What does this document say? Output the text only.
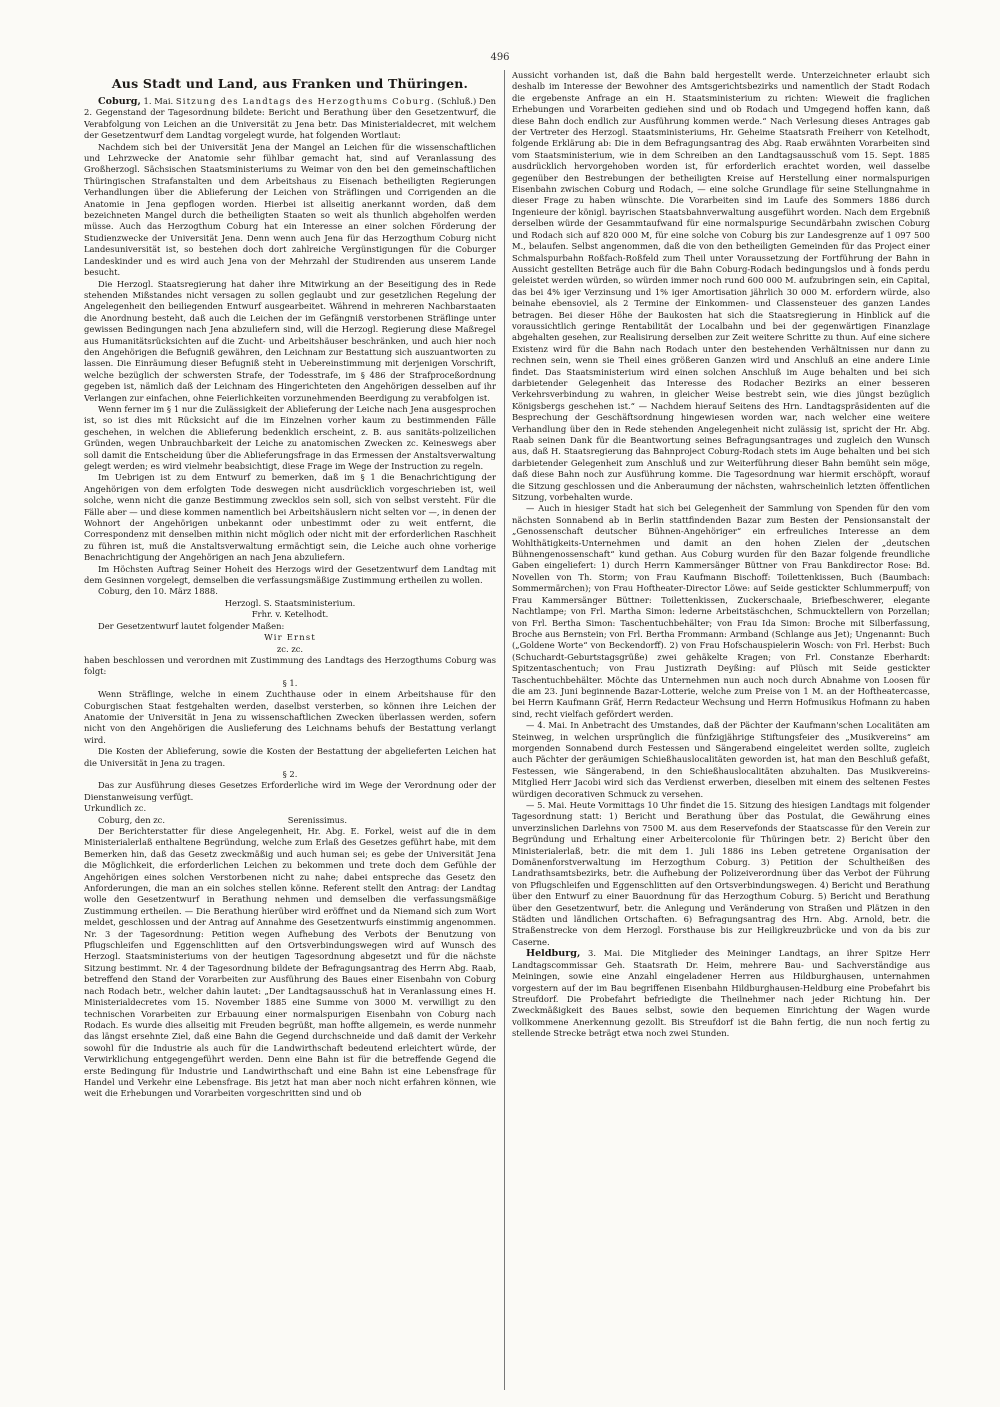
496
Aus Stadt und Land, aus Franken und Thüringen.

Coburg, 1. Mai. Sitzung des Landtags des Herzogthums Coburg. (Schluß.) Den 2. Gegenstand der Tagesordnung bildete: Bericht und Berathung über den Gesetzentwurf, die Verabfolgung von Leichen an die Universität zu Jena betr. Das Ministerialdecret, mit welchem der Gesetzentwurf dem Landtag vorgelegt wurde, hat folgenden Wortlaut:

Nachdem sich bei der Universität Jena der Mangel an Leichen für die wissenschaftlichen und Lehrzwecke der Anatomie sehr fühlbar gemacht hat, sind auf Veranlassung des Großherzogl. Sächsischen Staatsministeriums zu Weimar von den bei den gemeinschaftlichen Thüringischen Strafanstalten und dem Arbeitshaus zu Eisenach betheiligten Regierungen Verhandlungen über die Ablieferung der Leichen von Sträflingen und Corrigenden an die Anatomie in Jena gepflogen worden. Hierbei ist allseitig anerkannt worden, daß dem bezeichneten Mangel durch die betheiligten Staaten so weit als thunlich abgeholfen werden müsse. Auch das Herzogthum Coburg hat ein Interesse an einer solchen Förderung der Studienzwecke der Universität Jena. Denn wenn auch Jena für das Herzogthum Coburg nicht Landesuniversität ist, so bestehen doch dort zahlreiche Vergünstigungen für die Coburger Landeskinder und es wird auch Jena von der Mehrzahl der Studirenden aus unserem Lande besucht.

Die Herzogl. Staatsregierung hat daher ihre Mitwirkung an der Beseitigung des in Rede stehenden Mißstandes nicht versagen zu sollen geglaubt und zur gesetzlichen Regelung der Angelegenheit den beiliegenden Entwurf ausgearbeitet. Während in mehreren Nachbarstaaten die Anordnung besteht, daß auch die Leichen der im Gefängniß verstorbenen Sträflinge unter gewissen Bedingungen nach Jena abzuliefern sind, will die Herzogl. Regierung diese Maßregel aus Humanitätsrücksichten auf die Zucht- und Arbeitshäuser beschränken, und auch hier noch den Angehörigen die Befugniß gewähren, den Leichnam zur Bestattung sich auszuantworten zu lassen. Die Einräumung dieser Befugniß steht in Uebereinstimmung mit derjenigen Vorschrift, welche bezüglich der schwersten Strafe, der Todesstrafe, im § 486 der Strafproceßordnung gegeben ist, nämlich daß der Leichnam des Hingerichteten den Angehörigen desselben auf ihr Verlangen zur einfachen, ohne Feierlichkeiten vorzunehmenden Beerdigung zu verabfolgen ist.

Wenn ferner im § 1 nur die Zulässigkeit der Ablieferung der Leiche nach Jena ausgesprochen ist, so ist dies mit Rücksicht auf die im Einzelnen vorher kaum zu bestimmenden Fälle geschehen, in welchen die Ablieferung bedenklich erscheint, z. B. aus sanitäts-polizeilichen Gründen, wegen Unbrauchbarkeit der Leiche zu anatomischen Zwecken zc. Keineswegs aber soll damit die Entscheidung über die Ablieferungsfrage in das Ermessen der Anstaltsverwaltung gelegt werden; es wird vielmehr beabsichtigt, diese Frage im Wege der Instruction zu regeln.

Im Uebrigen ist zu dem Entwurf zu bemerken, daß im § 1 die Benachrichtigung der Angehörigen von dem erfolgten Tode deswegen nicht ausdrücklich vorgeschrieben ist, weil solche, wenn nicht die ganze Bestimmung zwecklos sein soll, sich von selbst versteht. Für die Fälle aber — und diese kommen namentlich bei Arbeitshäuslern nicht selten vor —, in denen der Wohnort der Angehörigen unbekannt oder unbestimmt oder zu weit entfernt, die Correspondenz mit denselben mithin nicht möglich oder nicht mit der erforderlichen Raschheit zu führen ist, muß die Anstaltsverwaltung ermächtigt sein, die Leiche auch ohne vorherige Benachrichtigung der Angehörigen an nach Jena abzuliefern.

Im Höchsten Auftrag Seiner Hoheit des Herzogs wird der Gesetzentwurf dem Landtag mit dem Gesinnen vorgelegt, demselben die verfassungsmäßige Zustimmung ertheilen zu wollen.

Coburg, den 10. März 1888.

Herzogl. S. Staatsministerium.

Frhr. v. Ketelhodt.

Der Gesetzentwurf lautet folgender Maßen:

Wir Ernst

zc. zc.

haben beschlossen und verordnen mit Zustimmung des Landtags des Herzogthums Coburg was folgt:

§ 1.

Wenn Sträflinge, welche in einem Zuchthause oder in einem Arbeitshause für den Coburgischen Staat festgehalten werden, daselbst versterben, so können ihre Leichen der Anatomie der Universität in Jena zu wissenschaftlichen Zwecken überlassen werden, sofern nicht von den Angehörigen die Auslieferung des Leichnams behufs der Bestattung verlangt wird.

Die Kosten der Ablieferung, sowie die Kosten der Bestattung der abgelieferten Leichen hat die Universität in Jena zu tragen.

§ 2.

Das zur Ausführung dieses Gesetzes Erforderliche wird im Wege der Verordnung oder der Dienstanweisung verfügt.

Urkundlich zc.

Coburg, den zc.	Serenissimus.

Der Berichterstatter für diese Angelegenheit, Hr. Abg. E. Forkel, weist auf die in dem Ministerialerlaß enthaltene Begründung, welche zum Erlaß des Gesetzes geführt habe, mit dem Bemerken hin, daß das Gesetz zweckmäßig und auch human sei; es gebe der Universität Jena die Möglichkeit, die erforderlichen Leichen zu bekommen und trete doch dem Gefühle der Angehörigen eines solchen Verstorbenen nicht zu nahe; dabei entspreche das Gesetz den Anforderungen, die man an ein solches stellen könne. Referent stellt den Antrag: der Landtag wolle den Gesetzentwurf in Berathung nehmen und demselben die verfassungsmäßige Zustimmung ertheilen. — Die Berathung hierüber wird eröffnet und da Niemand sich zum Wort meldet, geschlossen und der Antrag auf Annahme des Gesetzentwurfs einstimmig angenommen. Nr. 3 der Tagesordnung: Petition wegen Aufhebung des Verbots der Benutzung von Pflugschleifen und Eggenschlitten auf den Ortsverbindungswegen wird auf Wunsch des Herzogl. Staatsministeriums von der heutigen Tagesordnung abgesetzt und für die nächste Sitzung bestimmt. Nr. 4 der Tagesordnung bildete der Befragungsantrag des Herrn Abg. Raab, betreffend den Stand der Vorarbeiten zur Ausführung des Baues einer Eisenbahn von Coburg nach Rodach betr., welcher dahin lautet: „Der Landtagsausschuß hat in Veranlassung eines H. Ministerialdecretes vom 15. November 1885 eine Summe von 3000 M. verwilligt zu den technischen Vorarbeiten zur Erbauung einer normalspurigen Eisenbahn von Coburg nach Rodach. Es wurde dies allseitig mit Freuden begrüßt, man hoffte allgemein, es werde nunmehr das längst ersehnte Ziel, daß eine Bahn die Gegend durchschneide und daß damit der Verkehr sowohl für die Industrie als auch für die Landwirthschaft bedeutend erleichtert würde, der Verwirklichung entgegengeführt werden. Denn eine Bahn ist für die betreffende Gegend die erste Bedingung für Industrie und Landwirthschaft und eine Bahn ist eine Lebensfrage für Handel und Verkehr eine Lebensfrage. Bis jetzt hat man aber noch nicht erfahren können, wie weit die Erhebungen und Vorarbeiten vorgeschritten sind und ob

Aussicht vorhanden ist, daß die Bahn bald hergestellt werde. Unterzeichneter erlaubt sich deshalb im Interesse der Bewohner des Amtsgerichtsbezirks und namentlich der Stadt Rodach die ergebenste Anfrage an ein H. Staatsministerium zu richten: Wieweit die fraglichen Erhebungen und Vorarbeiten gediehen sind und ob Rodach und Umgegend hoffen kann, daß diese Bahn doch endlich zur Ausführung kommen werde.“ Nach Verlesung dieses Antrages gab der Vertreter des Herzogl. Staatsministeriums, Hr. Geheime Staatsrath Freiherr von Ketelhodt, folgende Erklärung ab: Die in dem Befragungsantrag des Abg. Raab erwähnten Vorarbeiten sind vom Staatsministerium, wie in dem Schreiben an den Landtagsausschuß vom 15. Sept. 1885 ausdrücklich hervorgehoben worden ist, für erforderlich erachtet worden, weil dasselbe gegenüber den Bestrebungen der betheiligten Kreise auf Herstellung einer normalspurigen Eisenbahn zwischen Coburg und Rodach, — eine solche Grundlage für seine Stellungnahme in dieser Frage zu haben wünschte. Die Vorarbeiten sind im Laufe des Sommers 1886 durch Ingenieure der königl. bayrischen Staatsbahnverwaltung ausgeführt worden. Nach dem Ergebniß derselben würde der Gesammtaufwand für eine normalspurige Secundärbahn zwischen Coburg und Rodach sich auf 820 000 M, für eine solche von Coburg bis zur Landesgrenze auf 1 097 500 M., belaufen. Selbst angenommen, daß die von den betheiligten Gemeinden für das Project einer Schmalspurbahn Roßfach-Roßfeld zum Theil unter Voraussetzung der Fortführung der Bahn in Aussicht gestellten Beträge auch für die Bahn Coburg-Rodach bedingungslos und à fonds perdu geleistet werden würden, so würden immer noch rund 600 000 M. aufzubringen sein, ein Capital, das bei 4% iger Verzinsung und 1% iger Amortisation jährlich 30 000 M. erfordern würde, also beinahe ebensoviel, als 2 Termine der Einkommen- und Classensteuer des ganzen Landes betragen. Bei dieser Höhe der Baukosten hat sich die Staatsregierung in Hinblick auf die voraussichtlich geringe Rentabilität der Localbahn und bei der gegenwärtigen Finanzlage abgehalten gesehen, zur Realisirung derselben zur Zeit weitere Schritte zu thun. Auf eine sichere Existenz wird für die Bahn nach Rodach unter den bestehenden Verhältnissen nur dann zu rechnen sein, wenn sie Theil eines größeren Ganzen wird und Anschluß an eine andere Linie findet. Das Staatsministerium wird einen solchen Anschluß im Auge behalten und bei sich darbietender Gelegenheit das Interesse des Rodacher Bezirks an einer besseren Verkehrsverbindung zu wahren, in gleicher Weise bestrebt sein, wie dies jüngst bezüglich Königsbergs geschehen ist.“ — Nachdem hierauf Seitens des Hrn. Landtagspräsidenten auf die Besprechung der Geschäftsordnung hingewiesen worden war, nach welcher eine weitere Verhandlung über den in Rede stehenden Angelegenheit nicht zulässig ist, spricht der Hr. Abg. Raab seinen Dank für die Beantwortung seines Befragungsantrages und zugleich den Wunsch aus, daß H. Staatsregierung das Bahnproject Coburg-Rodach stets im Auge behalten und bei sich darbietender Gelegenheit zum Anschluß und zur Weiterführung dieser Bahn bemüht sein möge, daß diese Bahn noch zur Ausführung komme. Die Tagesordnung war hiermit erschöpft, worauf die Sitzung geschlossen und die Anberaumung der nächsten, wahrscheinlich letzten öffentlichen Sitzung, vorbehalten wurde.

— Auch in hiesiger Stadt hat sich bei Gelegenheit der Sammlung von Spenden für den vom nächsten Sonnabend ab in Berlin stattfindenden Bazar zum Besten der Pensionsanstalt der „Genossenschaft deutscher Bühnen-Angehöriger“ ein erfreuliches Interesse an dem Wohlthätigkeits-Unternehmen und damit an den hohen Zielen der „deutschen Bühnengenossenschaft“ kund gethan. Aus Coburg wurden für den Bazar folgende freundliche Gaben eingeliefert: 1) durch Herrn Kammersänger Büttner von Frau Bankdirector Rose: Bd. Novellen von Th. Storm; von Frau Kaufmann Bischoff: Toilettenkissen, Buch (Baumbach: Sommermärchen); von Frau Hoftheater-Director Löwe: auf Seide gestickter Schlummerpuff; von Frau Kammersänger Büttner: Toilettenkissen, Zuckerschaale, Briefbeschwerer, elegante Nachtlampe; von Frl. Martha Simon: lederne Arbeitstäschchen, Schmucktellern von Porzellan; von Frl. Bertha Simon: Taschentuchbehälter; von Frau Ida Simon: Broche mit Silberfassung, Broche aus Bernstein; von Frl. Bertha Frommann: Armband (Schlange aus Jet); Ungenannt: Buch („Goldene Worte“ von Beckendorff). 2) von Frau Hofschauspielerin Wosch: von Frl. Herbst: Buch (Schuchardt-Geburtstagsgrüße) zwei gehäkelte Kragen; von Frl. Constanze Eberhardt: Spitzentaschentuch; von Frau Justizrath Deyßing: auf Plüsch mit Seide gestickter Taschentuchbehälter. Möchte das Unternehmen nun auch noch durch Abnahme von Loosen für die am 23. Juni beginnende Bazar-Lotterie, welche zum Preise von 1 M. an der Hoftheatercasse, bei Herrn Kaufmann Gräf, Herrn Redacteur Wechsung und Herrn Hofmusikus Hofmann zu haben sind, recht vielfach gefördert werden.

— 4. Mai. In Anbetracht des Umstandes, daß der Pächter der Kaufmann'schen Localitäten am Steinweg, in welchen ursprünglich die fünfzigjährige Stiftungsfeier des „Musikvereins“ am morgenden Sonnabend durch Festessen und Sängerabend eingeleitet werden sollte, zugleich auch Pächter der geräumigen Schießhauslocalitäten geworden ist, hat man den Beschluß gefaßt, Festessen, wie Sängerabend, in den Schießhauslocalitäten abzuhalten. Das Musikvereins-Mitglied Herr Jacobi wird sich das Verdienst erwerben, dieselben mit einem des seltenen Festes würdigen decorativen Schmuck zu versehen.

— 5. Mai. Heute Vormittags 10 Uhr findet die 15. Sitzung des hiesigen Landtags mit folgender Tagesordnung statt: 1) Bericht und Berathung über das Postulat, die Gewährung eines unverzinslichen Darlehns von 7500 M. aus dem Reservefonds der Staatscasse für den Verein zur Begründung und Erhaltung einer Arbeitercolonie für Thüringen betr. 2) Bericht über den Ministerialerlaß, betr. die mit dem 1. Juli 1886 ins Leben getretene Organisation der Domänenforstverwaltung im Herzogthum Coburg. 3) Petition der Schultheißen des Landrathsamtsbezirks, betr. die Aufhebung der Polizeiverordnung über das Verbot der Führung von Pflugschleifen und Eggenschlitten auf den Ortsverbindungswegen. 4) Bericht und Berathung über den Entwurf zu einer Bauordnung für das Herzogthum Coburg. 5) Bericht und Berathung über den Gesetzentwurf, betr. die Anlegung und Veränderung von Straßen und Plätzen in den Städten und ländlichen Ortschaften. 6) Befragungsantrag des Hrn. Abg. Arnold, betr. die Straßenstrecke von dem Herzogl. Forsthause bis zur Heiligkreuzbrücke und von da bis zur Caserne.

Heldburg, 3. Mai. Die Mitglieder des Meininger Landtags, an ihrer Spitze Herr Landtagscommissar Geh. Staatsrath Dr. Heim, mehrere Bau- und Sachverständige aus Meiningen, sowie eine Anzahl eingeladener Herren aus Hildburghausen, unternahmen vorgestern auf der im Bau begriffenen Eisenbahn Hildburghausen-Heldburg eine Probefahrt bis Streufdorf. Die Probefahrt befriedigte die Theilnehmer nach jeder Richtung hin. Der Zweckmäßigkeit des Baues selbst, sowie den bequemen Einrichtung der Wagen wurde vollkommene Anerkennung gezollt. Bis Streufdorf ist die Bahn fertig, die nun noch fertig zu stellende Strecke beträgt etwa noch zwei Stunden.
